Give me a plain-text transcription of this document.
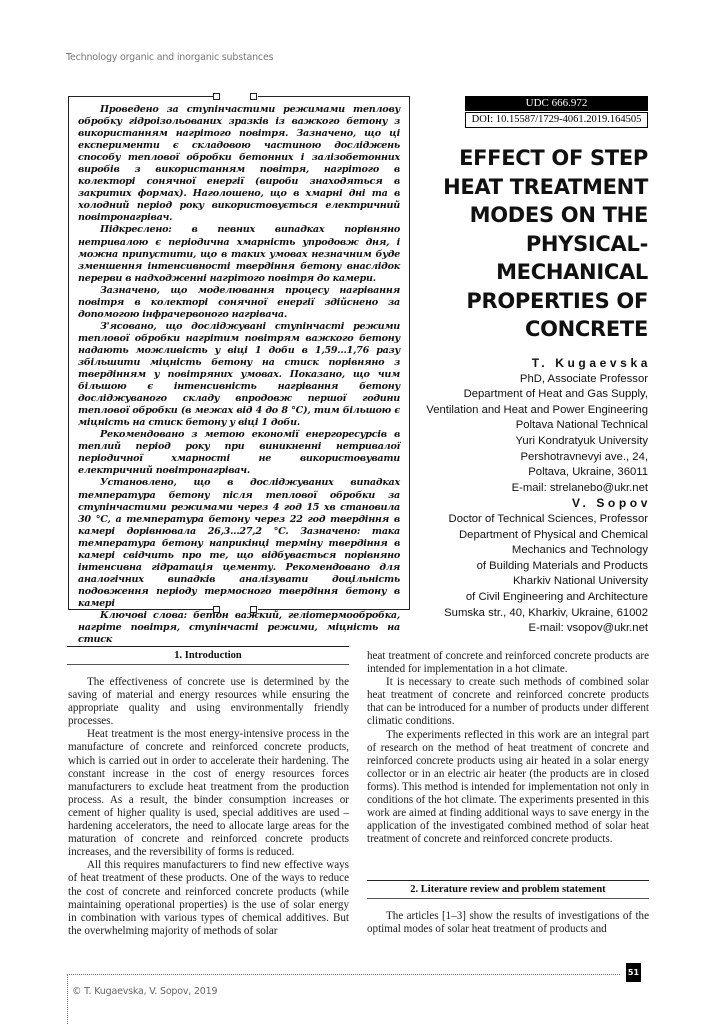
Technology organic and inorganic substances

Проведено за ступінчастими режимами теплову обробку гідроізольованих зразків із важкого бетону з використанням нагрітого повітря. Зазначено, що ці експерименти є складовою частиною досліджень способу теплової обробки бетонних і залізобетонних виробів з використанням повітря, нагрітого в колекторі сонячної енергії (вироби знаходяться в закритих формах). Наголошено, що в хмарні дні та в холодний період року використовується електричний повітронагрівач.

Підкреслено: в певних випадках порівняно нетривалою є періодична хмарність упродовж дня, і можна припустити, що в таких умовах незначним буде зменшення інтенсивності твердіння бетону внаслідок перерви в надходженні нагрітого повітря до камери.

Зазначено, що моделювання процесу нагрівання повітря в колекторі сонячної енергії здійснено за допомогою інфрачервоного нагрівача.

З'ясовано, що досліджувані ступінчасті режими теплової обробки нагрітим повітрям важкого бетону надають можливість у віці 1 доби в 1,59…1,76 разу збільшити міцність бетону на стиск порівняно з твердінням у повітряних умовах. Показано, що чим більшою є інтенсивність нагрівання бетону досліджуваного складу впродовж першої години теплової обробки (в межах від 4 до 8 °C), тим більшою є міцність на стиск бетону у віці 1 доби.

Рекомендовано з метою економії енергоресурсів в теплий період року при виникненні нетривалої періодичної хмарності не використовувати електричний повітронагрівач.

Установлено, що в досліджуваних випадках температура бетону після теплової обробки за ступінчастими режимами через 4 год 15 хв становила 30 °C, а температура бетону через 22 год твердіння в камері дорівнювала 26,3…27,2 °C. Зазначено: така температура бетону наприкінці терміну твердіння в камері свідчить про те, що відбувається порівняно інтенсивна гідратація цементу. Рекомендовано для аналогічних випадків аналізувати доцільність подовження періоду термосного твердіння бетону в камері

Ключові слова: бетон важкий, геліотермообробка, нагріте повітря, ступінчасті режими, міцність на стиск

UDC 666.972
DOI: 10.15587/1729-4061.2019.164505
EFFECT OF STEP
HEAT TREATMENT
MODES ON THE
PHYSICAL-
MECHANICAL
PROPERTIES OF
CONCRETE
T. Kugaevska
PhD, Associate Professor
Department of Heat and Gas Supply,
Ventilation and Heat and Power Engineering
Poltava National Technical
Yuri Kondratyuk University
Pershotravnevyi ave., 24,
Poltava, Ukraine, 36011
E-mail: strelanebo@ukr.net
V. Sopov
Doctor of Technical Sciences, Professor
Department of Physical and Chemical
Mechanics and Technology
of Building Materials and Products
Kharkiv National University
of Civil Engineering and Architecture
Sumska str., 40, Kharkiv, Ukraine, 61002
E-mail: vsopov@ukr.net
1. Introduction

The effectiveness of concrete use is determined by the saving of material and energy resources while ensuring the appropriate quality and using environmentally friendly processes.

Heat treatment is the most energy-intensive process in the manufacture of concrete and reinforced concrete products, which is carried out in order to accelerate their hardening. The constant increase in the cost of energy resources forces manufacturers to exclude heat treatment from the production process. As a result, the binder consumption increases or cement of higher quality is used, special additives are used – hardening accelerators, the need to allocate large areas for the maturation of concrete and reinforced concrete products increases, and the reversibility of forms is reduced.

All this requires manufacturers to find new effective ways of heat treatment of these products. One of the ways to reduce the cost of concrete and reinforced concrete products (while maintaining operational properties) is the use of solar energy in combination with various types of chemical additives. But the overwhelming majority of methods of solar

heat treatment of concrete and reinforced concrete products are intended for implementation in a hot climate.

It is necessary to create such methods of combined solar heat treatment of concrete and reinforced concrete products that can be introduced for a number of products under different climatic conditions.

The experiments reflected in this work are an integral part of research on the method of heat treatment of concrete and reinforced concrete products using air heated in a solar energy collector or in an electric air heater (the products are in closed forms). This method is intended for implementation not only in conditions of the hot climate. The experiments presented in this work are aimed at finding additional ways to save energy in the application of the investigated combined method of solar heat treatment of concrete and reinforced concrete products.

2. Literature review and problem statement

The articles [1–3] show the results of investigations of the optimal modes of solar heat treatment of products and

51
© T. Kugaevska, V. Sopov, 2019
